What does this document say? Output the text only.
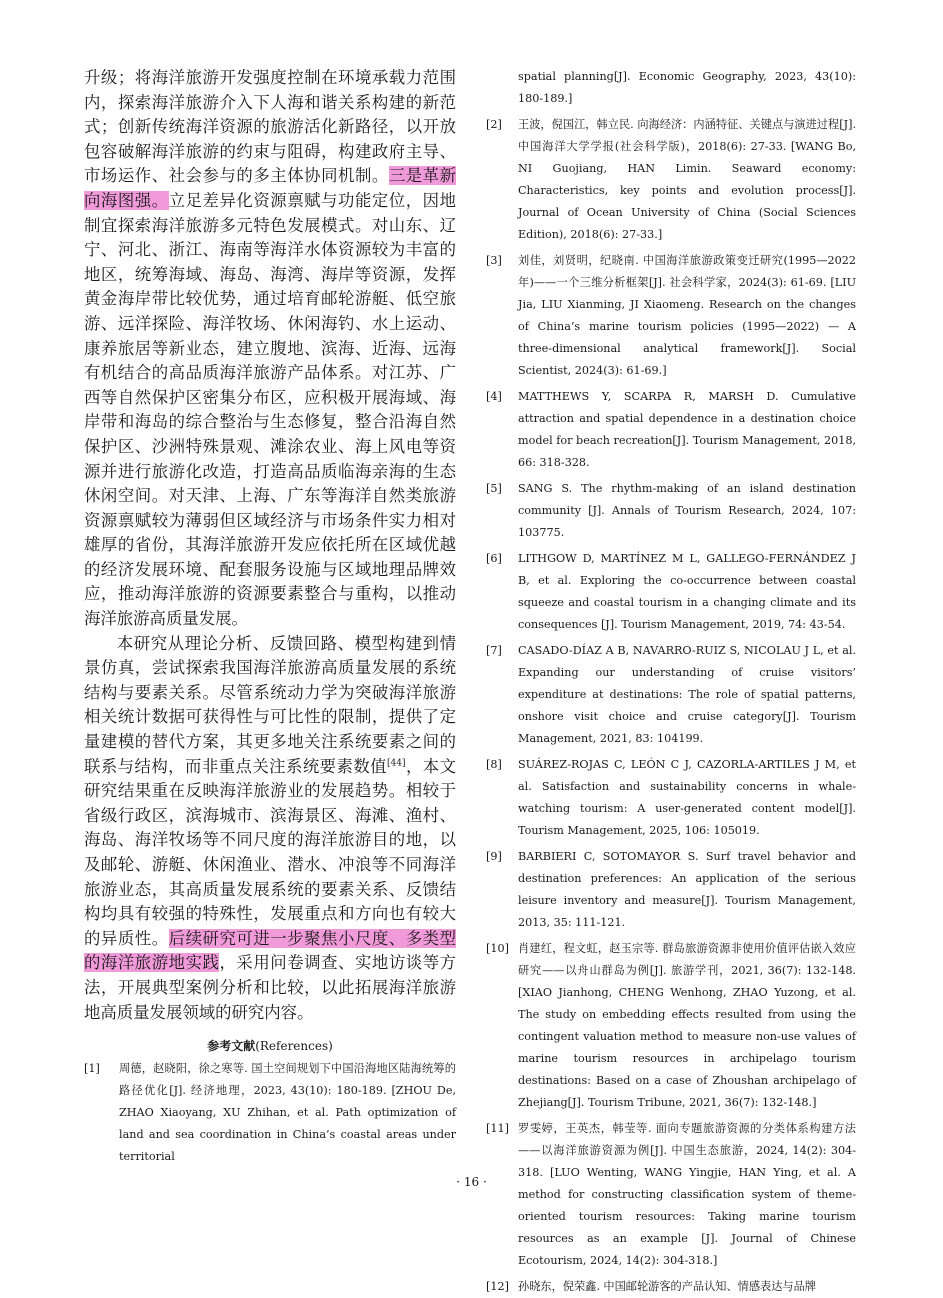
升级；将海洋旅游开发强度控制在环境承载力范围内，探索海洋旅游介入下人海和谐关系构建的新范式；创新传统海洋资源的旅游活化新路径，以开放包容破解海洋旅游的约束与阻碍，构建政府主导、市场运作、社会参与的多主体协同机制。三是革新向海图强。立足差异化资源禀赋与功能定位，因地制宜探索海洋旅游多元特色发展模式。对山东、辽宁、河北、浙江、海南等海洋水体资源较为丰富的地区，统筹海域、海岛、海湾、海岸等资源，发挥黄金海岸带比较优势，通过培育邮轮游艇、低空旅游、远洋探险、海洋牧场、休闲海钓、水上运动、康养旅居等新业态，建立腹地、滨海、近海、远海有机结合的高品质海洋旅游产品体系。对江苏、广西等自然保护区密集分布区，应积极开展海域、海岸带和海岛的综合整治与生态修复，整合沿海自然保护区、沙洲特殊景观、滩涂农业、海上风电等资源并进行旅游化改造，打造高品质临海亲海的生态休闲空间。对天津、上海、广东等海洋自然类旅游资源禀赋较为薄弱但区域经济与市场条件实力相对雄厚的省份，其海洋旅游开发应依托所在区域优越的经济发展环境、配套服务设施与区域地理品牌效应，推动海洋旅游的资源要素整合与重构，以推动海洋旅游高质量发展。

本研究从理论分析、反馈回路、模型构建到情景仿真，尝试探索我国海洋旅游高质量发展的系统结构与要素关系。尽管系统动力学为突破海洋旅游相关统计数据可获得性与可比性的限制，提供了定量建模的替代方案，其更多地关注系统要素之间的联系与结构，而非重点关注系统要素数值[44]，本文研究结果重在反映海洋旅游业的发展趋势。相较于省级行政区，滨海城市、滨海景区、海滩、渔村、海岛、海洋牧场等不同尺度的海洋旅游目的地，以及邮轮、游艇、休闲渔业、潜水、冲浪等不同海洋旅游业态，其高质量发展系统的要素关系、反馈结构均具有较强的特殊性，发展重点和方向也有较大的异质性。后续研究可进一步聚焦小尺度、多类型的海洋旅游地实践，采用问卷调查、实地访谈等方法，开展典型案例分析和比较，以此拓展海洋旅游地高质量发展领域的研究内容。

参考文献(References)

[1] 周德，赵晓阳，徐之寒等. 国土空间规划下中国沿海地区陆海统筹的路径优化[J]. 经济地理，2023, 43(10): 180-189. [ZHOU De, ZHAO Xiaoyang, XU Zhihan, et al. Path optimization of land and sea coordination in China’s coastal areas under territorial

spatial planning[J]. Economic Geography, 2023, 43(10): 180-189.]

[2] 王波，倪国江，韩立民. 向海经济：内涵特征、关键点与演进过程[J]. 中国海洋大学学报(社会科学版)，2018(6): 27-33. [WANG Bo, NI Guojiang, HAN Limin. Seaward economy: Characteristics, key points and evolution process[J]. Journal of Ocean University of China (Social Sciences Edition), 2018(6): 27-33.]

[3] 刘佳，刘贤明，纪晓南. 中国海洋旅游政策变迁研究(1995—2022年)——一个三维分析框架[J]. 社会科学家，2024(3): 61-69. [LIU Jia, LIU Xianming, JI Xiaomeng. Research on the changes of China’s marine tourism policies (1995—2022) — A three-dimensional analytical framework[J]. Social Scientist, 2024(3): 61-69.]

[4] MATTHEWS Y, SCARPA R, MARSH D. Cumulative attraction and spatial dependence in a destination choice model for beach recreation[J]. Tourism Management, 2018, 66: 318-328.

[5] SANG S. The rhythm-making of an island destination community [J]. Annals of Tourism Research, 2024, 107: 103775.

[6] LITHGOW D, MARTÍNEZ M L, GALLEGO-FERNÁNDEZ J B, et al. Exploring the co-occurrence between coastal squeeze and coastal tourism in a changing climate and its consequences [J]. Tourism Management, 2019, 74: 43-54.

[7] CASADO-DÍAZ A B, NAVARRO-RUIZ S, NICOLAU J L, et al. Expanding our understanding of cruise visitors’ expenditure at destinations: The role of spatial patterns, onshore visit choice and cruise category[J]. Tourism Management, 2021, 83: 104199.

[8] SUÁREZ-ROJAS C, LEÓN C J, CAZORLA-ARTILES J M, et al. Satisfaction and sustainability concerns in whale-watching tourism: A user-generated content model[J]. Tourism Management, 2025, 106: 105019.

[9] BARBIERI C, SOTOMAYOR S. Surf travel behavior and destination preferences: An application of the serious leisure inventory and measure[J]. Tourism Management, 2013, 35: 111-121.

[10] 肖建红，程文虹，赵玉宗等. 群岛旅游资源非使用价值评估嵌入效应研究——以舟山群岛为例[J]. 旅游学刊，2021, 36(7): 132-148. [XIAO Jianhong, CHENG Wenhong, ZHAO Yuzong, et al. The study on embedding effects resulted from using the contingent valuation method to measure non-use values of marine tourism resources in archipelago tourism destinations: Based on a case of Zhoushan archipelago of Zhejiang[J]. Tourism Tribune, 2021, 36(7): 132-148.]

[11] 罗雯婷，王英杰，韩莹等. 面向专题旅游资源的分类体系构建方法——以海洋旅游资源为例[J]. 中国生态旅游，2024, 14(2): 304-318. [LUO Wenting, WANG Yingjie, HAN Ying, et al. A method for constructing classification system of theme-oriented tourism resources: Taking marine tourism resources as an example [J]. Journal of Chinese Ecotourism, 2024, 14(2): 304-318.]

[12] 孙晓东，倪荣鑫. 中国邮轮游客的产品认知、情感表达与品牌

· 16 ·
